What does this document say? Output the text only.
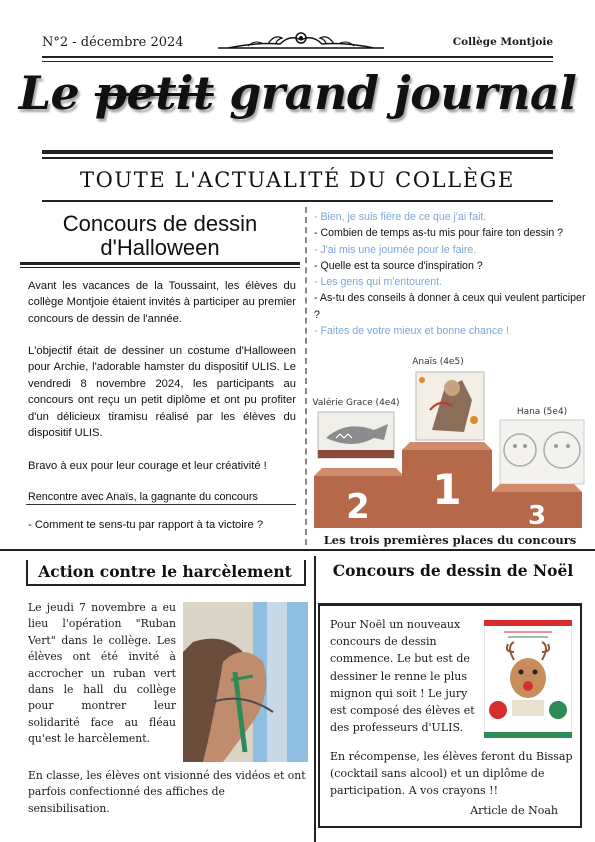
N°2 - décembre 2024	Collège Montjoie
Le petit grand journal
TOUTE L'ACTUALITÉ DU COLLÈGE
Concours de dessin d'Halloween
Avant les vacances de la Toussaint, les élèves du collège Montjoie étaient invités à participer au premier concours de dessin de l'année.
L'objectif était de dessiner un costume d'Halloween pour Archie, l'adorable hamster du dispositif ULIS. Le vendredi 8 novembre 2024, les participants au concours ont reçu un petit diplôme et ont pu profiter d'un délicieux tiramisu réalisé par les élèves du dispositif ULIS.
Bravo à eux pour leur courage et leur créativité !
Rencontre avec Anaïs, la gagnante du concours
- Comment te sens-tu par rapport à ta victoire ?
- Bien, je suis fière de ce que j'ai fait.
- Combien de temps as-tu mis pour faire ton dessin ?
- J'ai mis une journée pour le faire.
- Quelle est ta source d'inspiration ?
- Les gens qui m'entourent.
- As-tu des conseils à donner à ceux qui veulent participer ?
- Faites de votre mieux et bonne chance !
Anaïs (4e5)
Valérie Grace (4e4)
Hana (5e4)
2 1
3
Les trois premières places du concours
Action contre le harcèlement
Le jeudi 7 novembre a eu lieu l'opération "Ruban Vert" dans le collège. Les élèves ont été invité à accrocher un ruban vert dans le hall du collège pour montrer leur solidarité face au fléau qu'est le harcèlement.
En classe, les élèves ont visionné des vidéos et ont parfois confectionné des affiches de sensibilisation.
Concours de dessin de Noël
Pour Noël un nouveaux concours de dessin commence. Le but est de dessiner le renne le plus mignon qui soit ! Le jury est composé des élèves et des professeurs d'ULIS.
En récompense, les élèves feront du Bissap (cocktail sans alcool) et un diplôme de participation. A vos crayons !!
Article de Noah
